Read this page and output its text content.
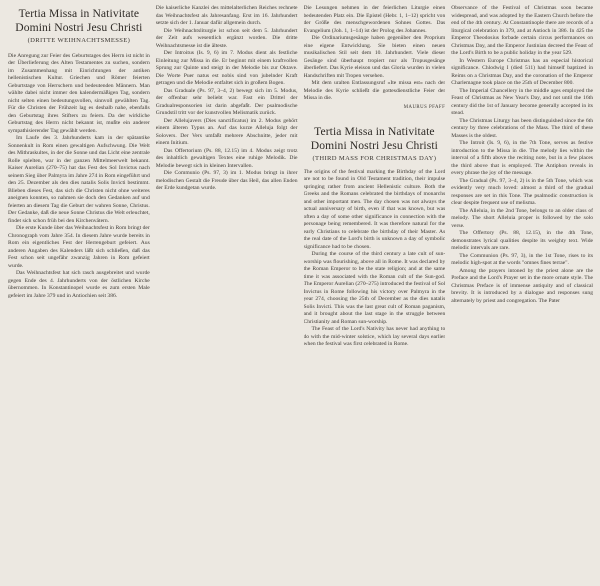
Tertia Missa in Nativitate
Domini Nostri Jesu Christi
(DRITTE WEIHNACHTSMESSE)

Die Anregung zur Feier des Geburtstages des Herrn ist nicht in der Überlieferung des Alten Testamentes zu suchen, sondern im Zusammenhang mit Einrichtungen der antiken hellenistischen Kultur. Griechen und Römer feierten Geburtstage von Herrschern und bedeutenden Männern. Man wählte dabei nicht immer den kalendermäßigen Tag, sondern nicht selten einen bedeutungsvollen, sinnvoll gewählten Tag. Für die Christen der Frühzeit lag es deshalb nahe, ebenfalls den Geburtstag ihres Stifters zu feiern. Da der wirkliche Geburtstag des Herrn nicht bekannt ist, mußte ein anderer sympathisierender Tag gewählt werden.

Im Laufe des 3. Jahrhunderts kam in der spätantike Sonnenkult in Rom einen gewaltigen Aufschwung. Die Welt des Mithraskultes, in der die Sonne und das Licht eine zentrale Rolle spielten, war in der ganzen Mittelmeerwelt bekannt. Kaiser Aurelian (270–75) hat das Fest des Sol Invictus nach seinem Sieg über Palmyra im Jahre 274 in Rom eingeführt und den 25. Dezember als den dies natalis Solis Invicti bestimmt. Blieben dieses Fest, das sich die Christen nicht ohne weiteres aneignen konnten, so nahmen sie doch den Gedanken auf und feierten an diesem Tag die Geburt der wahren Sonne, Christus. Der Gedanke, daß die neue Sonne Christus die Welt erleuchtet, findet sich schon früh bei den Kirchenvätern.

Die erste Kunde über das Weihnachtsfest in Rom bringt der Chronograph vom Jahre 354. In diesem Jahre wurde bereits in Rom ein eigentliches Fest der Herrengeburt gefeiert. Aus anderen Angaben des Kalenders läßt sich schließen, daß das Fest schon seit ungefähr zwanzig Jahren in Rom gefeiert wurde.

Das Weihnachtsfest hat sich rasch ausgebreitet und wurde gegen Ende des 4. Jahrhunderts von der östlichen Kirche übernommen. In Konstantinopel wurde es zum ersten Male gefeiert im Jahre 379 und in Antiochien seit 386.

Die kaiserliche Kanzlei des mittelalterlichen Reiches rechnete das Weihnachtsfest als Jahresanfang. Erst im 16. Jahrhundert setzte sich der 1. Januar dafür allgemein durch.

Die Weihnachtsliturgie ist schon seit dem 5. Jahrhundert der Zeit aufs wesentlich ergänzt worden. Die dritte Weihnachtsmesse ist die älteste.

Der Introitus (Is. 9, 6) im 7. Modus dient als festliche Einleitung zur Missa in die. Er beginnt mit einem kraftvollen Sprung zur Quinte und steigt in der Melodie bis zur Oktave. Die Worte Puer natus est nobis sind von jubelnder Kraft getragen und die Melodie entfaltet sich in großem Bogen.

Das Graduale (Ps. 97, 3–4, 2) bewegt sich im 5. Modus, der offenbar sehr beliebt war. Fast ein Drittel der Gradualresponsorien ist darin abgefaßt. Der psalmodische Grundstil tritt vor der kunstvollen Melismatik zurück.

Der Allelujavers (Dies sanctificatus) im 2. Modus gehört einem älteren Typus an. Auf das kurze Alleluja folgt der Solovers. Der Vers umfaßt mehrere Abschnitte, jeder mit einem Initium.

Das Offertorium (Ps. 88, 12.15) im 4. Modus zeigt trotz des inhaltlich gewaltigen Textes eine ruhige Melodik. Die Melodie bewegt sich in kleinen Intervallen.

Die Communio (Ps. 97, 3) im 1. Modus bringt in ihrer melodischen Gestalt die Freude über das Heil, das allen Enden der Erde kundgetan wurde.

Die Lesungen nehmen in der feierlichen Liturgie einen bedeutenden Platz ein. Die Epistel (Hebr. 1, 1–12) spricht von der Größe des menschgewordenen Sohnes Gottes. Das Evangelium (Joh. 1, 1–14) ist der Prolog des Johannes.

Die Ordinariumsgesänge haben gegenüber den Proprium eine eigene Entwicklung. Sie bieten einen neuen musikalischen Stil seit dem 10. Jahrhundert. Viele dieser Gesänge sind überhaupt tropiert nur als Tropusgesänge überliefert. Das Kyrie eleison und das Gloria wurden in vielen Handschriften mit Tropen versehen.

Mit dem uralten Entlassungsruf »Ite missa est« nach der Melodie des Kyrie schließt die gottesdienstliche Feier der Missa in die.

MAURUS PFAFF
Tertia Missa in Nativitate
Domini Nostri Jesu Christi
(THIRD MASS FOR CHRISTMAS DAY)

The origins of the festival marking the Birthday of the Lord are not to be found in Old Testament tradition, their impulse springing rather from ancient Hellenistic culture. Both the Greeks and the Romans celebrated the birthdays of monarchs and other important men. The day chosen was not always the actual anniversary of birth, even if that was known, but was often a day of some other significance in connection with the personage being remembered. It was therefore natural for the early Christians to celebrate the birthday of their Master. As the real date of the Lord's birth is unknown a day of symbolic significance had to be chosen.

During the course of the third century a late cult of sun-worship was flourishing, above all in Rome. It was declared by the Roman Emperor to be the state religion; and at the same time it was associated with the Roman cult of the Sun-god. The Emperor Aurelian (270–275) introduced the festival of Sol Invictus in Rome following his victory over Palmyra in the year 274, choosing the 25th of December as the dies natalis Solis Invicti. This was the last great cult of Roman paganism, and it brought about the last stage in the struggle between Christianity and Roman sun-worship.

The Feast of the Lord's Nativity has never had anything to do with the mid-winter solstice, which lay several days earlier when the festival was first celebrated in Rome.

Observance of the Festival of Christmas soon became widespread, and was adopted by the Eastern Church before the end of the 4th century. At Constantinople there are records of a liturgical celebration in 379, and at Antioch in 386. In 425 the Emperor Theodosius forbade certain circus performances on Christmas Day, and the Emperor Justinian decreed the Feast of the Lord's Birth to be a public holiday in the year 529.

In Western Europe Christmas has an especial historical significance. Chlodwig I (died 511) had himself baptized in Reims on a Christmas Day, and the coronation of the Emperor Charlemagne took place on the 25th of December 800.

The Imperial Chancellery in the middle ages employed the Feast of Christmas as New Year's Day, and not until the 16th century did the 1st of January become generally accepted in its stead.

The Christmas Liturgy has been distinguished since the 6th century by three celebrations of the Mass. The third of these Masses is the oldest.

The Introit (Is. 9, 6), in the 7th Tone, serves as festive introduction to the Missa in die. The melody lies within the interval of a fifth above the reciting note, but in a few places the third above that is employed. The Antiphon reveals in every phrase the joy of the message.

The Gradual (Ps. 97, 3–4, 2) is in the 5th Tone, which was evidently very much loved: almost a third of the gradual responses are set in this Tone. The psalmodic construction is clear despite frequent use of melisma.

The Alleluia, in the 2nd Tone, belongs to an older class of melody. The short Alleluia proper is followed by the solo verse.

The Offertory (Ps. 88, 12.15), in the 4th Tone, demonstrates lyrical qualities despite its weighty text. Wide melodic intervals are rare.

The Communion (Ps. 97, 3), in the 1st Tone, rises to its melodic high-spot at the words "omnes fines terrae".

Among the prayers intoned by the priest alone are the Preface and the Lord's Prayer set in the more ornate style. The Christmas Preface is of immense antiquity and of classical brevity. It is introduced by a dialogue and responses sung alternately by priest and congregation. The Pater
